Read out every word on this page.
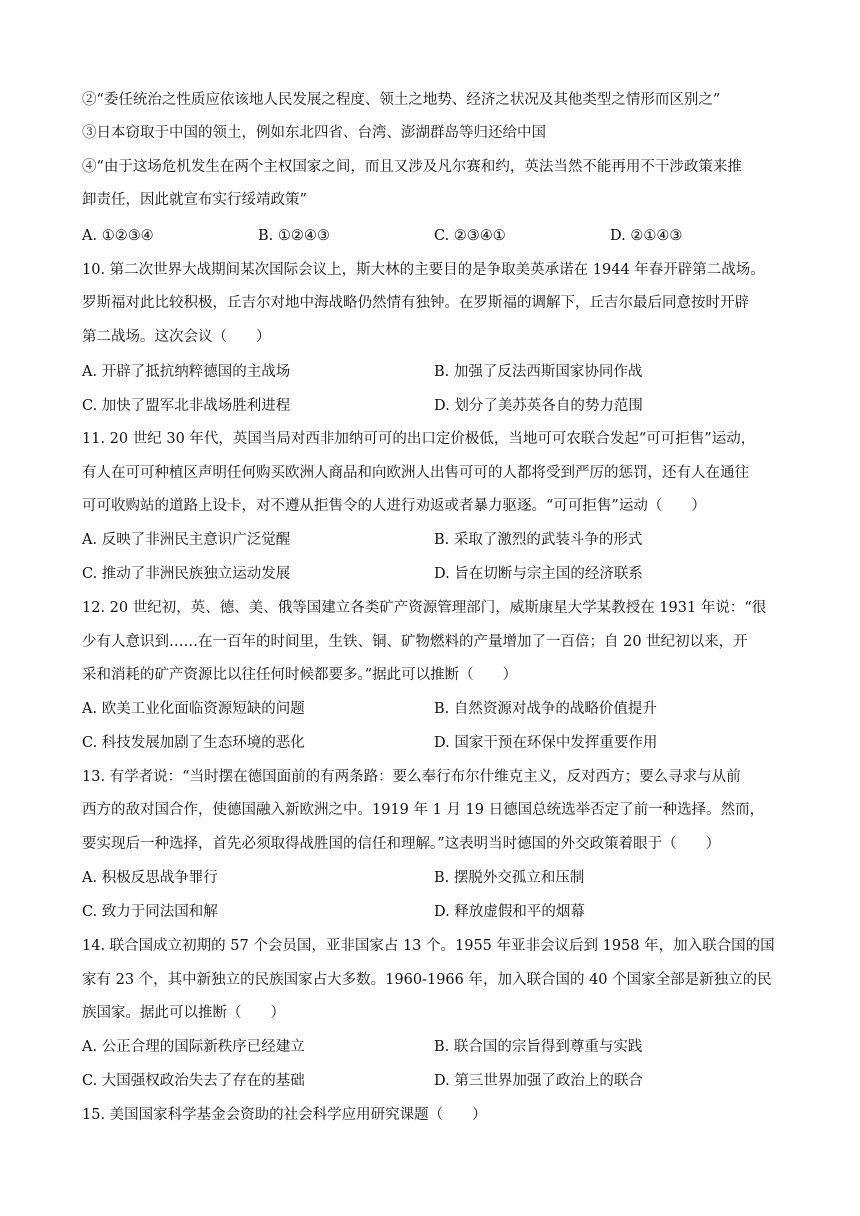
②“委任统治之性质应依该地人民发展之程度、领土之地势、经济之状况及其他类型之情形而区别之”
③日本窃取于中国的领土，例如东北四省、台湾、澎湖群岛等归还给中国
④“由于这场危机发生在两个主权国家之间，而且又涉及凡尔赛和约，英法当然不能再用不干涉政策来推
卸责任，因此就宣布实行绥靖政策”
A. ①②③④	B. ①②④③	C. ②③④①	D. ②①④③
10. 第二次世界大战期间某次国际会议上，斯大林的主要目的是争取美英承诺在 1944 年春开辟第二战场。
罗斯福对此比较积极，丘吉尔对地中海战略仍然情有独钟。在罗斯福的调解下，丘吉尔最后同意按时开辟
第二战场。这次会议（　　）
A. 开辟了抵抗纳粹德国的主战场	B. 加强了反法西斯国家协同作战
C. 加快了盟军北非战场胜利进程	D. 划分了美苏英各自的势力范围
11. 20 世纪 30 年代，英国当局对西非加纳可可的出口定价极低，当地可可农联合发起“可可拒售”运动，
有人在可可种植区声明任何购买欧洲人商品和向欧洲人出售可可的人都将受到严厉的惩罚，还有人在通往
可可收购站的道路上设卡，对不遵从拒售令的人进行劝返或者暴力驱逐。“可可拒售”运动（　　）
A. 反映了非洲民主意识广泛觉醒	B. 采取了激烈的武装斗争的形式
C. 推动了非洲民族独立运动发展	D. 旨在切断与宗主国的经济联系
12. 20 世纪初，英、德、美、俄等国建立各类矿产资源管理部门，威斯康星大学某教授在 1931 年说：“很
少有人意识到……在一百年的时间里，生铁、铜、矿物燃料的产量增加了一百倍；自 20 世纪初以来，开
采和消耗的矿产资源比以往任何时候都要多。”据此可以推断（　　）
A. 欧美工业化面临资源短缺的问题	B. 自然资源对战争的战略价值提升
C. 科技发展加剧了生态环境的恶化	D. 国家干预在环保中发挥重要作用
13. 有学者说：“当时摆在德国面前的有两条路：要么奉行布尔什维克主义，反对西方；要么寻求与从前
西方的敌对国合作，使德国融入新欧洲之中。1919 年 1 月 19 日德国总统选举否定了前一种选择。然而，
要实现后一种选择，首先必须取得战胜国的信任和理解。”这表明当时德国的外交政策着眼于（　　）
A. 积极反思战争罪行	B. 摆脱外交孤立和压制
C. 致力于同法国和解	D. 释放虚假和平的烟幕
14. 联合国成立初期的 57 个会员国，亚非国家占 13 个。1955 年亚非会议后到 1958 年，加入联合国的国
家有 23 个，其中新独立的民族国家占大多数。1960-1966 年，加入联合国的 40 个国家全部是新独立的民
族国家。据此可以推断（　　）
A. 公正合理的国际新秩序已经建立	B. 联合国的宗旨得到尊重与实践
C. 大国强权政治失去了存在的基础	D. 第三世界加强了政治上的联合
15. 美国国家科学基金会资助的社会科学应用研究课题（　　）
